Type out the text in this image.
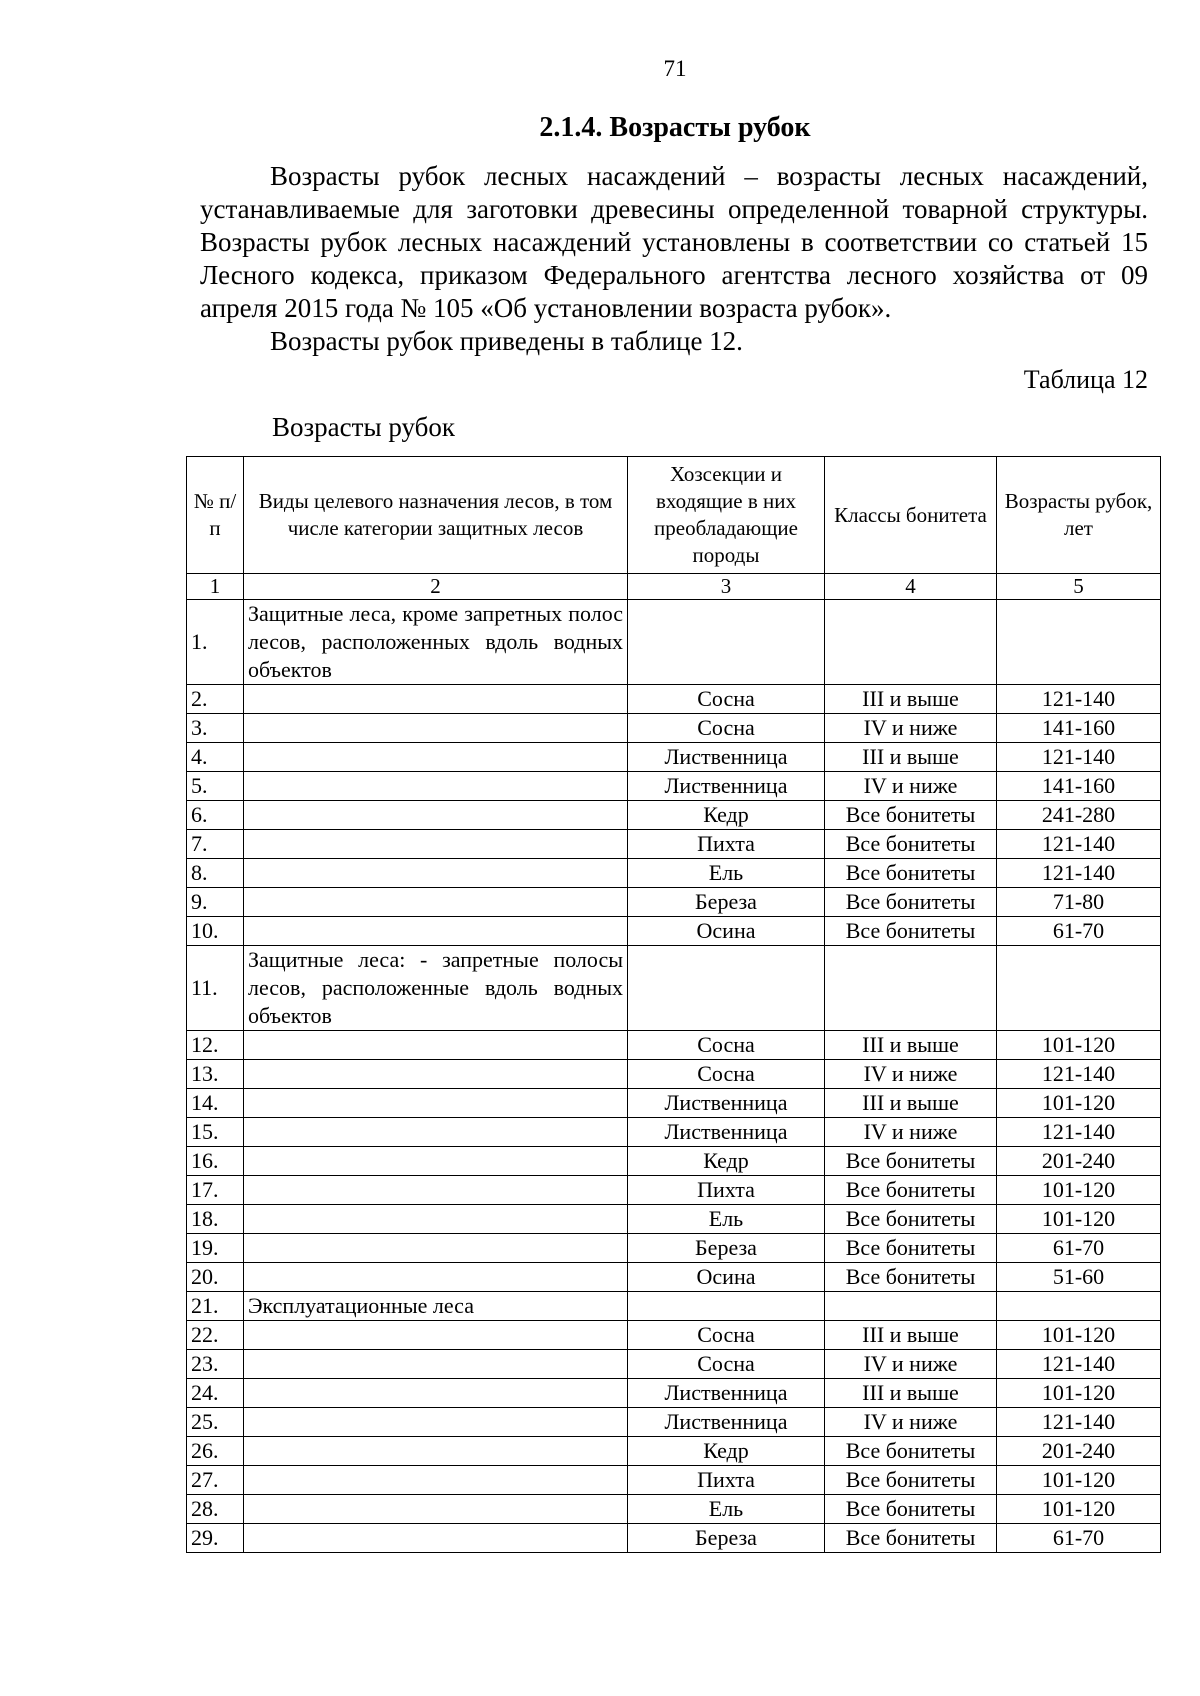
71
2.1.4. Возрасты рубок

Возрасты рубок лесных насаждений – возрасты лесных насаждений, устанавливаемые для заготовки древесины определенной товарной структуры. Возрасты рубок лесных насаждений установлены в соответствии со статьей 15 Лесного кодекса, приказом Федерального агентства лесного хозяйства от 09 апреля 2015 года № 105 «Об установлении возраста рубок».

Возрасты рубок приведены в таблице 12.

Таблица 12
Возрасты рубок
№ п/п	Виды целевого назначения лесов, в том числе категории защитных лесов	Хозсекции и входящие в них преобладающие породы	Классы бонитета	Возрасты рубок, лет
1	2	3	4	5
1.	Защитные леса, кроме запретных полос лесов, расположенных вдоль водных объектов			
2.		Сосна	III и выше	121-140
3.		Сосна	IV и ниже	141-160
4.		Лиственница	III и выше	121-140
5.		Лиственница	IV и ниже	141-160
6.		Кедр	Все бонитеты	241-280
7.		Пихта	Все бонитеты	121-140
8.		Ель	Все бонитеты	121-140
9.		Береза	Все бонитеты	71-80
10.		Осина	Все бонитеты	61-70
11.	Защитные леса: - запретные полосы лесов, расположенные вдоль водных объектов			
12.		Сосна	III и выше	101-120
13.		Сосна	IV и ниже	121-140
14.		Лиственница	III и выше	101-120
15.		Лиственница	IV и ниже	121-140
16.		Кедр	Все бонитеты	201-240
17.		Пихта	Все бонитеты	101-120
18.		Ель	Все бонитеты	101-120
19.		Береза	Все бонитеты	61-70
20.		Осина	Все бонитеты	51-60
21.	Эксплуатационные леса			
22.		Сосна	III и выше	101-120
23.		Сосна	IV и ниже	121-140
24.		Лиственница	III и выше	101-120
25.		Лиственница	IV и ниже	121-140
26.		Кедр	Все бонитеты	201-240
27.		Пихта	Все бонитеты	101-120
28.		Ель	Все бонитеты	101-120
29.		Береза	Все бонитеты	61-70
